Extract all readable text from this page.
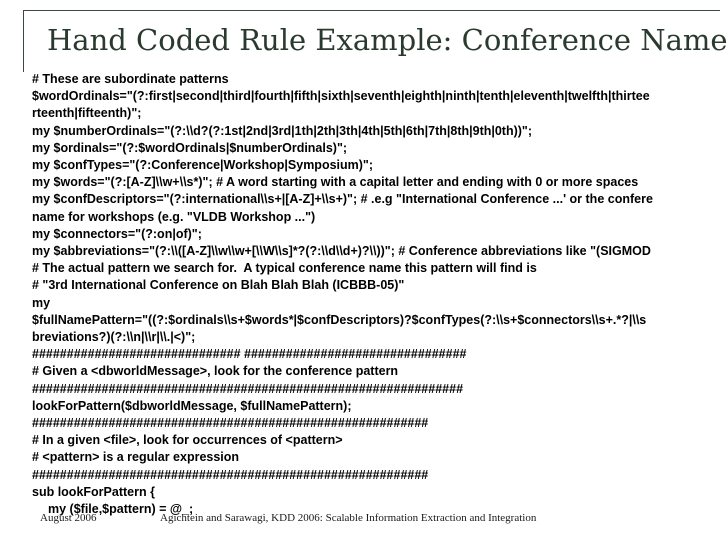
Hand Coded Rule Example: Conference Name
# These are subordinate patterns
$wordOrdinals="(?:first|second|third|fourth|fifth|sixth|seventh|eighth|ninth|tenth|eleventh|twelfth|thirtee
rteenth|fifteenth)";
my $numberOrdinals="(?:\\d?(?:1st|2nd|3rd|1th|2th|3th|4th|5th|6th|7th|8th|9th|0th))";
my $ordinals="(?:$wordOrdinals|$numberOrdinals)";
my $confTypes="(?:Conference|Workshop|Symposium)";
my $words="(?:[A-Z]\\w+\\s*)"; # A word starting with a capital letter and ending with 0 or more spaces
my $confDescriptors="(?:international\\s+|[A-Z]+\\s+)"; # .e.g "International Conference ...' or the confere
name for workshops (e.g. "VLDB Workshop ...")
my $connectors="(?:on|of)";
my $abbreviations="(?:\\([A-Z]\\w\\w+[\\W\\s]*?(?:\\d\\d+)?\\))"; # Conference abbreviations like "(SIGMOD
# The actual pattern we search for.  A typical conference name this pattern will find is
# "3rd International Conference on Blah Blah Blah (ICBBB-05)"
my
$fullNamePattern="((?:$ordinals\\s+$words*|$confDescriptors)?$confTypes(?:\\s+$connectors\\s+.*?|\\s
breviations?)(?:\\n|\\r|\\.|<)";
############################## ################################
# Given a <dbworldMessage>, look for the conference pattern
##############################################################
lookForPattern($dbworldMessage, $fullNamePattern);
#########################################################
# In a given <file>, look for occurrences of <pattern>
# <pattern> is a regular expression
#########################################################
sub lookForPattern {
my ($file,$pattern) = @_;
August 2006	Agichtein and Sarawagi, KDD 2006: Scalable Information Extraction and Integration
